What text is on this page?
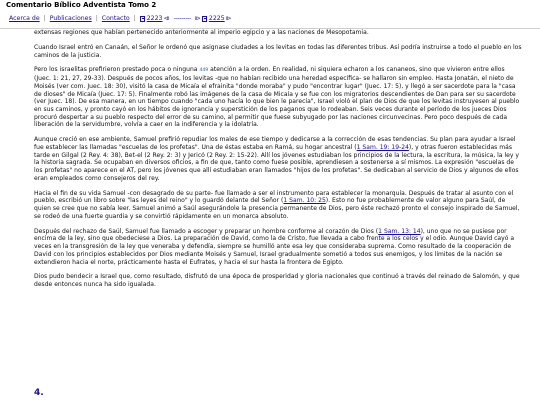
Comentario Bíblico Adventista Tomo 2
Acerca de | Publicaciones | Contacto | 2223 ⧏ --------- ⧐ 2225 ⧐

extensas regiones que habían pertenecido anteriormente al imperio egipcio y a las naciones de Mesopotamia.

Cuando Israel entró en Canaán, el Señor le ordenó que asignase ciudades a los levitas en todas las diferentes tribus. Así podría instruirse a todo el pueblo en los caminos de la justicia.

Pero los israelitas prefirieron prestado poca o ninguna 449 atención a la orden. En realidad, ni siquiera echaron a los cananeos, sino que vivieron entre ellos (Juec. 1: 21, 27, 29-33). Después de pocos años, los levitas -que no habían recibido una heredad específica- se hallaron sin empleo. Hasta Jonatán, el nieto de Moisés (ver com. Juec. 18: 30), visitó la casa de Micaía el efrainita "donde moraba" y pudo "encontrar lugar" (Juec. 17: 5), y llegó a ser sacerdote para la "casa de dioses" de Micaía (Juec. 17: 5). Finalmente robó las imágenes de la casa de Micaía y se fue con los migratorios descendientes de Dan para ser su sacerdote (ver Juec. 18). De esa manera, en un tiempo cuando "cada uno hacía lo que bien le parecía", Israel violó el plan de Dios de que los levitas instruyesen al pueblo en sus caminos, y pronto cayó en los hábitos de ignorancia y superstición de los paganos que lo rodeaban. Seis veces durante el período de los jueces Dios procuró despertar a su pueblo respecto del error de su camino, al permitir que fuese subyugado por las naciones circunvecinas. Pero poco después de cada liberación de la servidumbre, volvía a caer en la indiferencia y la idolatría.

Aunque creció en ese ambiente, Samuel prefirió repudiar los males de ese tiempo y dedicarse a la corrección de esas tendencias. Su plan para ayudar a Israel fue establecer las llamadas "escuelas de los profetas". Una de éstas estaba en Ramá, su hogar ancestral (1 Sam. 19: 19-24), y otras fueron establecidas más tarde en Gilgal (2 Rey. 4: 38), Bet-el (2 Rey. 2: 3) y Jericó (2 Rey. 2: 15-22). Allí los jóvenes estudiaban los principios de la lectura, la escritura, la música, la ley y la historia sagrada. Se ocupaban en diversos oficios, a fin de que, tanto como fuese posible, aprendiesen a sostenerse a sí mismos. La expresión "escuelas de los profetas" no aparece en el AT, pero los jóvenes que allí estudiaban eran llamados "hijos de los profetas". Se dedicaban al servicio de Dios y algunos de ellos eran empleados como consejeros del rey.

Hacia el fin de su vida Samuel -con desagrado de su parte- fue llamado a ser el instrumento para establecer la monarquía. Después de tratar al asunto con el pueblo, escribió un libro sobre "las leyes del reino" y lo guardó delante del Señor (1 Sam. 10: 25). Esto no fue probablemente de valor alguno para Saúl, de quien se cree que no sabía leer. Samuel animó a Saúl asegurándole la presencia permanente de Dios, pero éste rechazó pronto el consejo inspirado de Samuel, se rodeó de una fuerte guardia y se convirtió rápidamente en un monarca absoluto.

Después del rechazo de Saúl, Samuel fue llamado a escoger y preparar un hombre conforme al corazón de Dios (1 Sam. 13: 14), uno que no se pusiese por encima de la ley, sino que obedeciese a Dios. La preparación de David, como la de Cristo, fue llevada a cabo frente a los celos y el odio. Aunque David cayó a veces en la transgresión de la ley que veneraba y defendía, siempre se humilló ante esa ley que consideraba suprema. Como resultado de la cooperación de David con los principios establecidos por Dios mediante Moisés y Samuel, Israel gradualmente sometió a todos sus enemigos, y los límites de la nación se extendieron hacia el norte, prácticamente hasta el Eufrates, y hacia el sur hasta la frontera de Egipto.

Dios pudo bendecir a Israel que, como resultado, disfrutó de una época de prosperidad y gloria nacionales que continuó a través del reinado de Salomón, y que desde entonces nunca ha sido igualada.

4.
